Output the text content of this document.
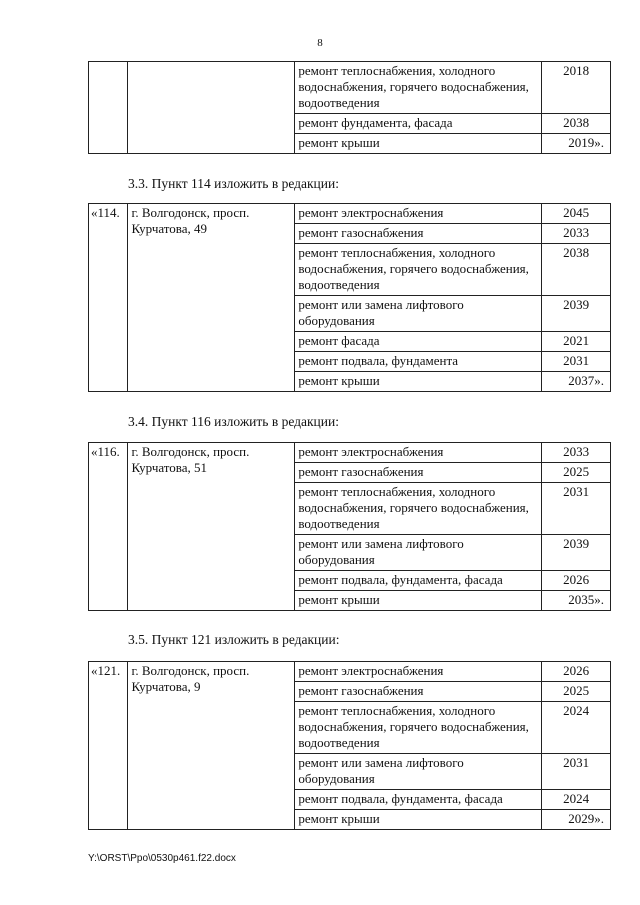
8
		ремонт теплоснабжения, холодного водоснабжения, горячего водоснабжения, водоотведения	2018
		ремонт фундамента, фасада	2038
		ремонт крыши	2019».
3.3. Пункт 114 изложить в редакции:
«114.	г. Волгодонск, просп. Курчатова, 49	ремонт электроснабжения	2045
		ремонт газоснабжения	2033
		ремонт теплоснабжения, холодного водоснабжения, горячего водоснабжения, водоотведения	2038
		ремонт или замена лифтового оборудования	2039
		ремонт фасада	2021
		ремонт подвала, фундамента	2031
		ремонт крыши	2037».
3.4. Пункт 116 изложить в редакции:
«116.	г. Волгодонск, просп. Курчатова, 51	ремонт электроснабжения	2033
		ремонт газоснабжения	2025
		ремонт теплоснабжения, холодного водоснабжения, горячего водоснабжения, водоотведения	2031
		ремонт или замена лифтового оборудования	2039
		ремонт подвала, фундамента, фасада	2026
		ремонт крыши	2035».
3.5. Пункт 121 изложить в редакции:
«121.	г. Волгодонск, просп. Курчатова, 9	ремонт электроснабжения	2026
		ремонт газоснабжения	2025
		ремонт теплоснабжения, холодного водоснабжения, горячего водоснабжения, водоотведения	2024
		ремонт или замена лифтового оборудования	2031
		ремонт подвала, фундамента, фасада	2024
		ремонт крыши	2029».
Y:\ORST\Ppo\0530p461.f22.docx
